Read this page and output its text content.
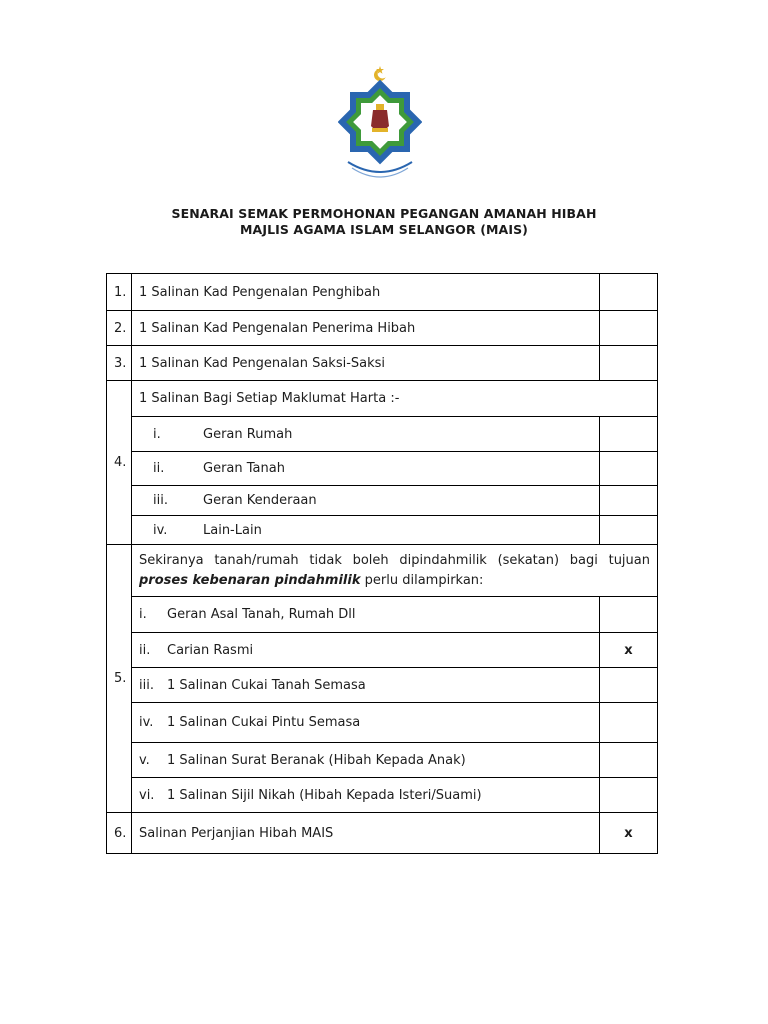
SENARAI SEMAK PERMOHONAN PEGANGAN AMANAH HIBAH
MAJLIS AGAMA ISLAM SELANGOR (MAIS)
1.	1 Salinan Kad Pengenalan Penghibah	
2.	1 Salinan Kad Pengenalan Penerima Hibah	
3.	1 Salinan Kad Pengenalan Saksi-Saksi	
4.	1 Salinan Bagi Setiap Maklumat Harta :-	
	i. Geran Rumah	
	ii. Geran Tanah	
	iii. Geran Kenderaan	
	iv. Lain-Lain	
5.	Sekiranya tanah/rumah tidak boleh dipindahmilik (sekatan) bagi tujuan proses kebenaran pindahmilik perlu dilampirkan:	
	i. Geran Asal Tanah, Rumah Dll	
	ii. Carian Rasmi	x
	iii. 1 Salinan Cukai Tanah Semasa	
	iv. 1 Salinan Cukai Pintu Semasa	
	v. 1 Salinan Surat Beranak (Hibah Kepada Anak)	
	vi. 1 Salinan Sijil Nikah (Hibah Kepada Isteri/Suami)	
6.	Salinan Perjanjian Hibah MAIS	x
